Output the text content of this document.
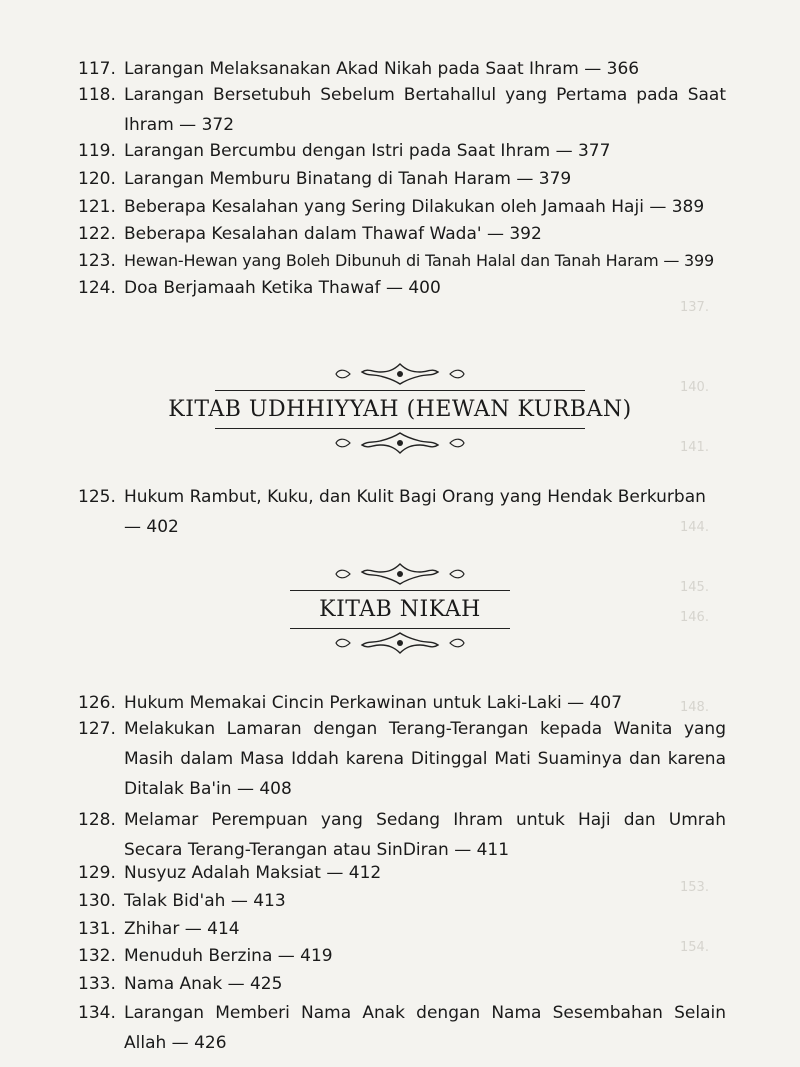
137.
140.
141.
144.
145.
146.
148.
153.
154.
117. Larangan Melaksanakan Akad Nikah pada Saat Ihram — 366
118. Larangan Bersetubuh Sebelum Bertahallul yang Pertama pada Saat Ihram — 372
119. Larangan Bercumbu dengan Istri pada Saat Ihram — 377
120. Larangan Memburu Binatang di Tanah Haram — 379
121. Beberapa Kesalahan yang Sering Dilakukan oleh Jamaah Haji — 389
122. Beberapa Kesalahan dalam Thawaf Wada' — 392
123. Hewan-Hewan yang Boleh Dibunuh di Tanah Halal dan Tanah Haram — 399
124. Doa Berjamaah Ketika Thawaf — 400
KITAB UDHHIYYAH (HEWAN KURBAN)
125. Hukum Rambut, Kuku, dan Kulit Bagi Orang yang Hendak Berkurban — 402
KITAB NIKAH
126. Hukum Memakai Cincin Perkawinan untuk Laki-Laki — 407
127. Melakukan Lamaran dengan Terang-Terangan kepada Wanita yang Masih dalam Masa Iddah karena Ditinggal Mati Suaminya dan karena Ditalak Ba'in — 408
128. Melamar Perempuan yang Sedang Ihram untuk Haji dan Umrah Secara Terang-Terangan atau SinDiran — 411
129. Nusyuz Adalah Maksiat — 412
130. Talak Bid'ah — 413
131. Zhihar — 414
132. Menuduh Berzina — 419
133. Nama Anak — 425
134. Larangan Memberi Nama Anak dengan Nama Sesembahan Selain Allah — 426
